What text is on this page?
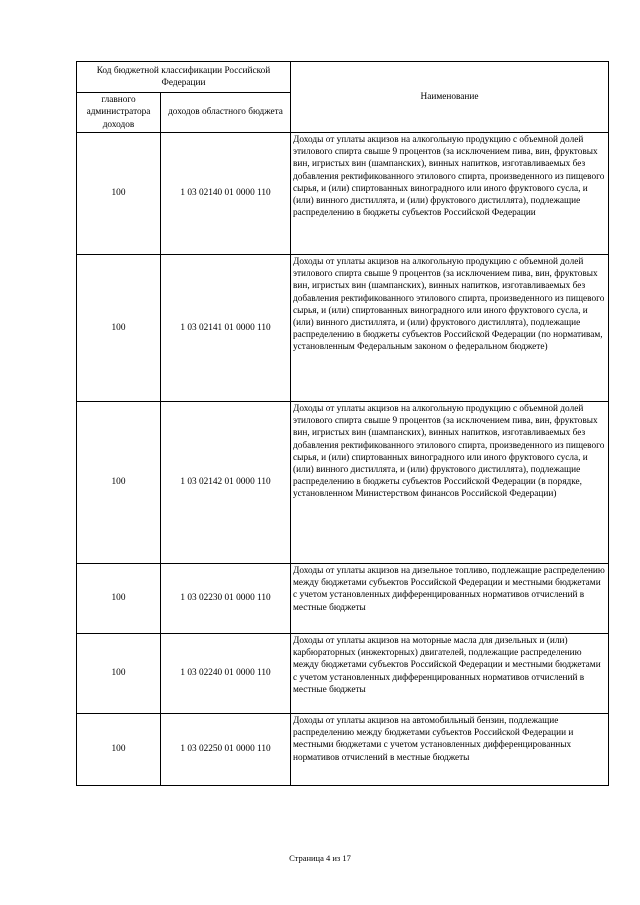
Код бюджетной классификации Российской Федерации		Наименование
главного администратора доходов	доходов областного бюджета	
100	1 03 02140 01 0000 110	Доходы от уплаты акцизов на алкогольную продукцию с объемной долей этилового спирта свыше 9 процентов (за исключением пива, вин, фруктовых вин, игристых вин (шампанских), винных напитков, изготавливаемых без добавления ректификованного этилового спирта, произведенного из пищевого сырья, и (или) спиртованных виноградного или иного фруктового сусла, и (или) винного дистиллята, и (или) фруктового дистиллята), подлежащие распределению в бюджеты субъектов Российской Федерации
100	1 03 02141 01 0000 110	Доходы от уплаты акцизов на алкогольную продукцию с объемной долей этилового спирта свыше 9 процентов (за исключением пива, вин, фруктовых вин, игристых вин (шампанских), винных напитков, изготавливаемых без добавления ректификованного этилового спирта, произведенного из пищевого сырья, и (или) спиртованных виноградного или иного фруктового сусла, и (или) винного дистиллята, и (или) фруктового дистиллята), подлежащие распределению в бюджеты субъектов Российской Федерации (по нормативам, установленным Федеральным законом о федеральном бюджете)
100	1 03 02142 01 0000 110	Доходы от уплаты акцизов на алкогольную продукцию с объемной долей этилового спирта свыше 9 процентов (за исключением пива, вин, фруктовых вин, игристых вин (шампанских), винных напитков, изготавливаемых без добавления ректификованного этилового спирта, произведенного из пищевого сырья, и (или) спиртованных виноградного или иного фруктового сусла, и (или) винного дистиллята, и (или) фруктового дистиллята), подлежащие распределению в бюджеты субъектов Российской Федерации (в порядке, установленном Министерством финансов Российской Федерации)
100	1 03 02230 01 0000 110	Доходы от уплаты акцизов на дизельное топливо, подлежащие распределению между бюджетами субъектов Российской Федерации и местными бюджетами с учетом установленных дифференцированных нормативов отчислений в местные бюджеты
100	1 03 02240 01 0000 110	Доходы от уплаты акцизов на моторные масла для дизельных и (или) карбюраторных (инжекторных) двигателей, подлежащие распределению между бюджетами субъектов Российской Федерации и местными бюджетами с учетом установленных дифференцированных нормативов отчислений в местные бюджеты
100	1 03 02250 01 0000 110	Доходы от уплаты акцизов на автомобильный бензин, подлежащие распределению между бюджетами субъектов Российской Федерации и местными бюджетами с учетом установленных дифференцированных нормативов отчислений в местные бюджеты
Страница 4 из 17
